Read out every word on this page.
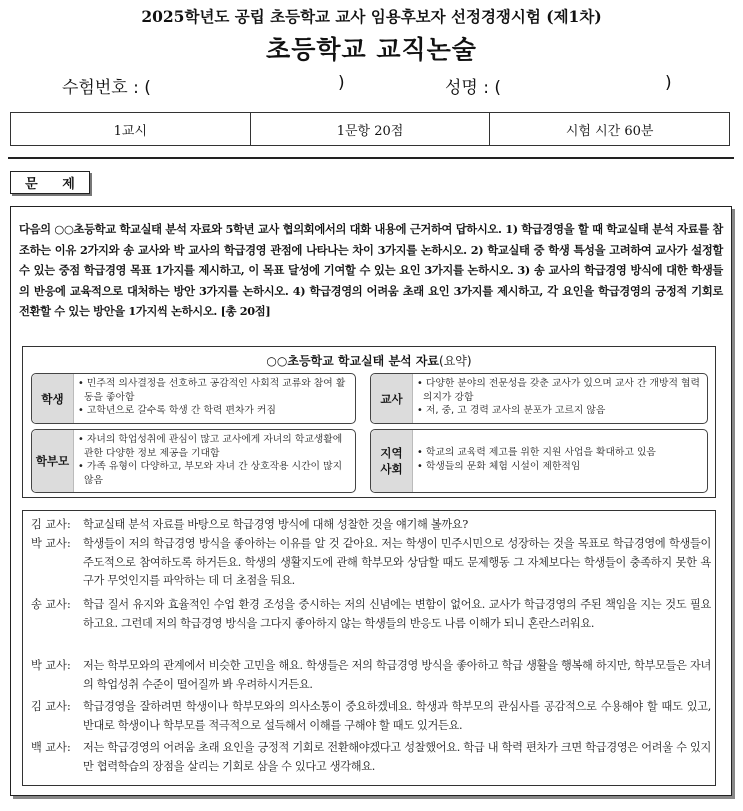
2025학년도 공립 초등학교 교사 임용후보자 선정경쟁시험 (제1차)
초등학교 교직논술
수험번호 : (	)	성명 : (	)
1교시	1문항 20점	시험 시간 60분
문 제
다음의 ○○초등학교 학교실태 분석 자료와 5학년 교사 협의회에서의 대화 내용에 근거하여 답하시오. 1) 학급경영을 할 때 학교실태 분석 자료를 참조하는 이유 2가지와 송 교사와 박 교사의 학급경영 관점에 나타나는 차이 3가지를 논하시오. 2) 학교실태 중 학생 특성을 고려하여 교사가 설정할 수 있는 중점 학급경영 목표 1가지를 제시하고, 이 목표 달성에 기여할 수 있는 요인 3가지를 논하시오. 3) 송 교사의 학급경영 방식에 대한 학생들의 반응에 교육적으로 대처하는 방안 3가지를 논하시오. 4) 학급경영의 어려움 초래 요인 3가지를 제시하고, 각 요인을 학급경영의 긍정적 기회로 전환할 수 있는 방안을 1가지씩 논하시오. [총 20점]
○○초등학교 학교실태 분석 자료(요약)
학생
• 민주적 의사결정을 선호하고 공감적인 사회적 교류와 참여 활동을 좋아함
• 고학년으로 갈수록 학생 간 학력 편차가 커짐
교사
• 다양한 분야의 전문성을 갖춘 교사가 있으며 교사 간 개방적 협력 의지가 강함
• 저, 중, 고 경력 교사의 분포가 고르지 않음
학부모
• 자녀의 학업성취에 관심이 많고 교사에게 자녀의 학교생활에 관한 다양한 정보 제공을 기대함
• 가족 유형이 다양하고, 부모와 자녀 간 상호작용 시간이 많지 않음
지역 사회
• 학교의 교육력 제고를 위한 지원 사업을 확대하고 있음
• 학생들의 문화 체험 시설이 제한적임
김 교사: 학교실태 분석 자료를 바탕으로 학급경영 방식에 대해 성찰한 것을 얘기해 볼까요?
박 교사: 학생들이 저의 학급경영 방식을 좋아하는 이유를 알 것 같아요. 저는 학생이 민주시민으로 성장하는 것을 목표로 학급경영에 학생들이 주도적으로 참여하도록 하거든요. 학생의 생활지도에 관해 학부모와 상담할 때도 문제행동 그 자체보다는 학생들이 충족하지 못한 욕구가 무엇인지를 파악하는 데 더 초점을 둬요.
송 교사: 학급 질서 유지와 효율적인 수업 환경 조성을 중시하는 저의 신념에는 변함이 없어요. 교사가 학급경영의 주된 책임을 지는 것도 필요하고요. 그런데 저의 학급경영 방식을 그다지 좋아하지 않는 학생들의 반응도 나름 이해가 되니 혼란스러워요.
박 교사: 저는 학부모와의 관계에서 비슷한 고민을 해요. 학생들은 저의 학급경영 방식을 좋아하고 학급 생활을 행복해 하지만, 학부모들은 자녀의 학업성취 수준이 떨어질까 봐 우려하시거든요.
김 교사: 학급경영을 잘하려면 학생이나 학부모와의 의사소통이 중요하겠네요. 학생과 학부모의 관심사를 공감적으로 수용해야 할 때도 있고, 반대로 학생이나 학부모를 적극적으로 설득해서 이해를 구해야 할 때도 있거든요.
백 교사: 저는 학급경영의 어려움 초래 요인을 긍정적 기회로 전환해야겠다고 성찰했어요. 학급 내 학력 편차가 크면 학급경영은 어려울 수 있지만 협력학습의 장점을 살리는 기회로 삼을 수 있다고 생각해요.
